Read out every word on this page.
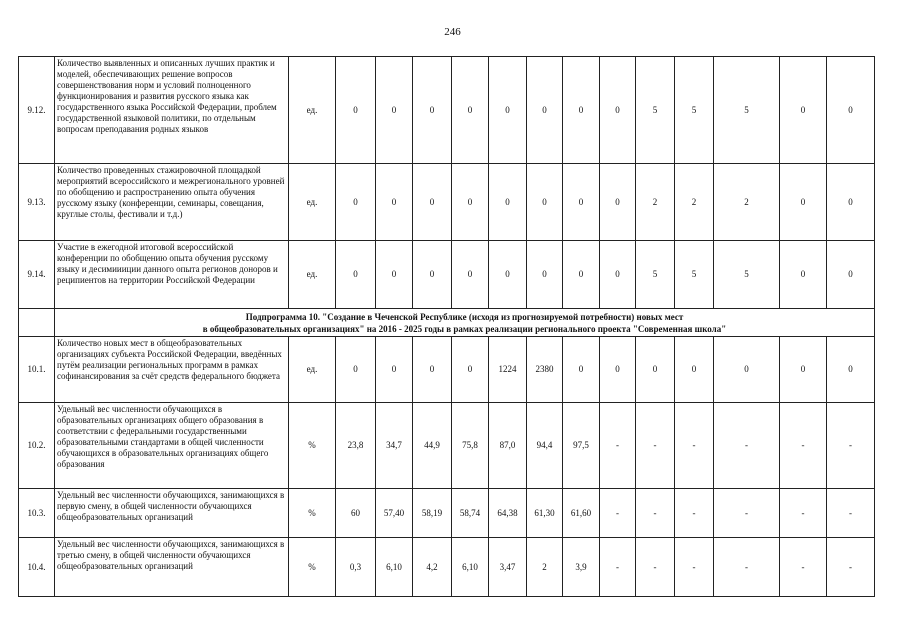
246
9.12.
Количество выявленных и описанных лучших практик и моделей, обеспечивающих решение вопросов совершенствования норм и условий полноценного функционирования и развития русского языка как государственного языка Российской Федерации, проблем государственной языковой политики, по отдельным вопросам преподавания родных языков
ед.	0	0	0	0	0	0	0	0	5	5	5	0	0
9.13.
Количество проведенных стажировочной площадкой мероприятий всероссийского и межрегионального уровней по обобщению и распространению опыта обучения русскому языку (конференции, семинары, совещания, круглые столы, фестивали и т.д.)
ед.	0	0	0	0	0	0	0	0	2	2	2	0	0
9.14.
Участие в ежегодной итоговой всероссийской конференции по обобщению опыта обучения русскому языку и десимиииции данного опыта регионов доноров и реципиентов на территории Российской Федерации
ед.	0	0	0	0	0	0	0	0	5	5	5	0	0
Подпрограмма 10. "Создание в Чеченской Республике (исходя из прогнозируемой потребности) новых мест
в общеобразовательных организациях" на 2016 - 2025 годы в рамках реализации регионального проекта "Современная школа"
10.1.
Количество новых мест в общеобразовательных организациях субъекта Российской Федерации, введённых путём реализации региональных программ в рамках софинансирования за счёт средств федерального бюджета
ед.	0	0	0	0	1224	2380	0	0	0	0	0	0	0
10.2.
Удельный вес численности обучающихся в образовательных организациях общего образования в соответствии с федеральными государственными образовательными стандартами в общей численности обучающихся в образовательных организациях общего образования
%	23,8	34,7	44,9	75,8	87,0	94,4	97,5	-	-	-	-	-	-
10.3.
Удельный вес численности обучающихся, занимающихся в первую смену, в общей численности обучающихся общеобразовательных организаций	%	60	57,40	58,19	58,74	64,38	61,30	61,60	-	-	-	-	-	-
10.4.
Удельный вес численности обучающихся, занимающихся в третью смену, в общей численности обучающихся общеобразовательных организаций	%	0,3	6,10	4,2	6,10	3,47	2	3,9	-	-	-	-	-	-
